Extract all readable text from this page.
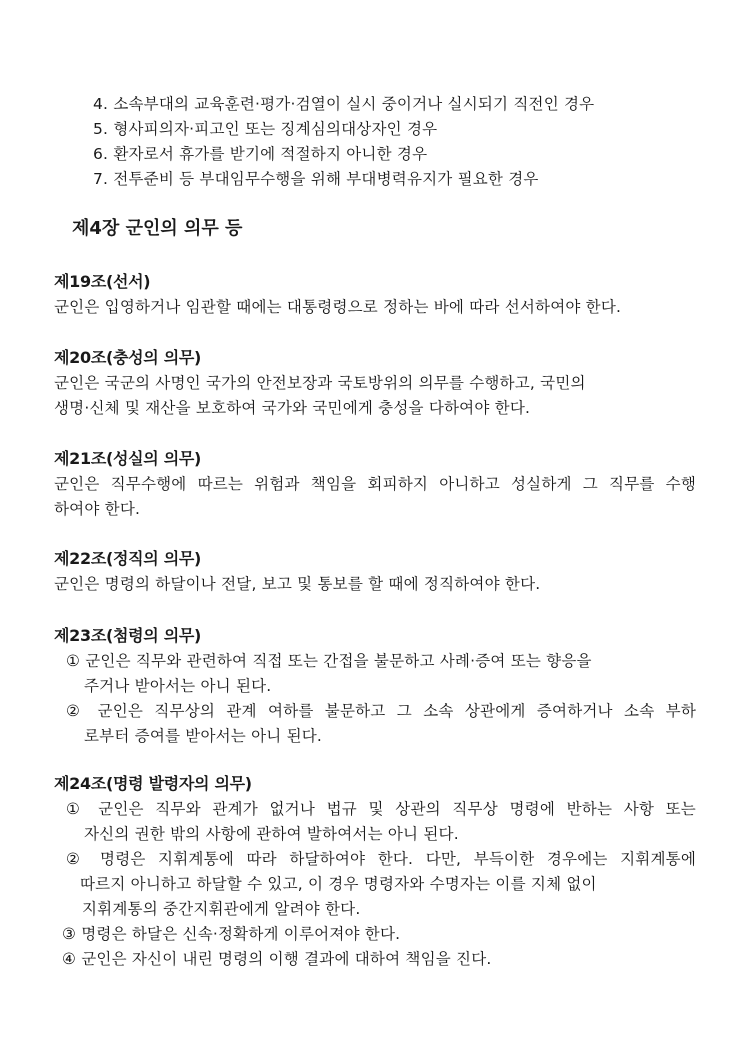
4. 소속부대의 교육훈련·평가·검열이 실시 중이거나 실시되기 직전인 경우
5. 형사피의자·피고인 또는 징계심의대상자인 경우
6. 환자로서 휴가를 받기에 적절하지 아니한 경우
7. 전투준비 등 부대임무수행을 위해 부대병력유지가 필요한 경우
제4장 군인의 의무 등
제19조(선서)
군인은 입영하거나 임관할 때에는 대통령령으로 정하는 바에 따라 선서하여야 한다.
제20조(충성의 의무)
군인은 국군의 사명인 국가의 안전보장과 국토방위의 의무를 수행하고, 국민의
생명·신체 및 재산을 보호하여 국가와 국민에게 충성을 다하여야 한다.
제21조(성실의 의무)
군인은 직무수행에 따르는 위험과 책임을 회피하지 아니하고 성실하게 그 직무를 수행
하여야 한다.
제22조(정직의 의무)
군인은 명령의 하달이나 전달, 보고 및 통보를 할 때에 정직하여야 한다.
제23조(첨령의 의무)
① 군인은 직무와 관련하여 직접 또는 간접을 불문하고 사례·증여 또는 향응을
주거나 받아서는 아니 된다.
② 군인은 직무상의 관계 여하를 불문하고 그 소속 상관에게 증여하거나 소속 부하
로부터 증여를 받아서는 아니 된다.
제24조(명령 발령자의 의무)
① 군인은 직무와 관계가 없거나 법규 및 상관의 직무상 명령에 반하는 사항 또는
자신의 권한 밖의 사항에 관하여 발하여서는 아니 된다.
② 명령은 지휘계통에 따라 하달하여야 한다. 다만, 부득이한 경우에는 지휘계통에
따르지 아니하고 하달할 수 있고, 이 경우 명령자와 수명자는 이를 지체 없이
지휘계통의 중간지휘관에게 알려야 한다.
③ 명령은 하달은 신속·정확하게 이루어져야 한다.
④ 군인은 자신이 내린 명령의 이행 결과에 대하여 책임을 진다.
